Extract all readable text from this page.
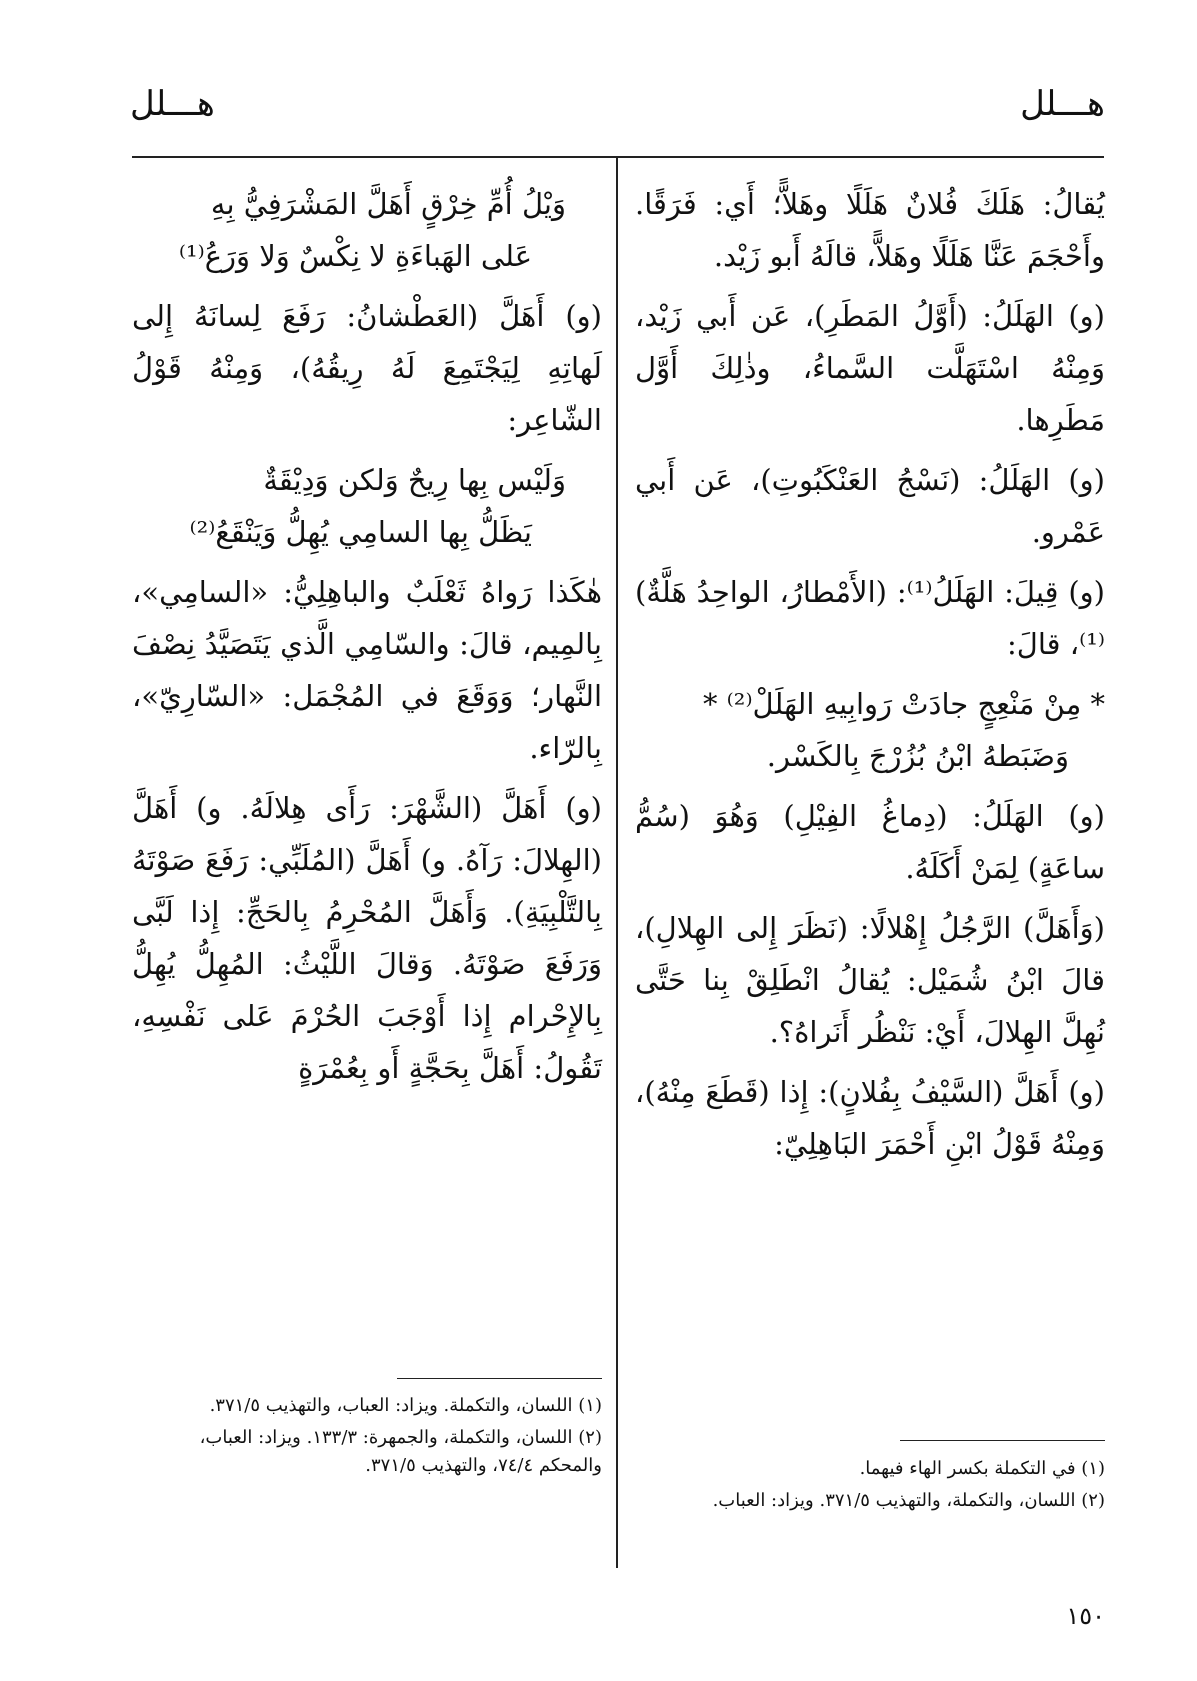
هـــلل
هـــلل

يُقالُ: هَلَكَ فُلانٌ هَلَلًا وهَلاًّ؛ أَي: فَرَقًا. وأَحْجَمَ عَنَّا هَلَلًا وهَلاًّ، قالَهُ أَبو زَيْد.

(و) الهَلَلُ: (أَوَّلُ المَطَرِ)، عَن أَبي زَيْد، وَمِنْهُ اسْتَهَلَّت السَّماءُ، وذٰلِكَ أَوَّل مَطَرِها.

(و) الهَلَلُ: (نَسْجُ العَنْكَبُوتِ)، عَن أَبي عَمْرو.

(و) قِيلَ: الهَلَلُ⁽¹⁾: (الأَمْطارُ، الواحِدُ هَلَّةٌ)⁽¹⁾، قالَ:

* مِنْ مَنْعِجٍ جادَتْ رَوابِيهِ الهَلَلْ⁽²⁾ *

وَضَبَطهُ ابْنُ بُزُرْجَ بِالكَسْر.

(و) الهَلَلُ: (دِماغُ الفِيْلِ) وَهُوَ (سُمُّ ساعَةٍ) لِمَنْ أَكَلَهُ.

(وَأَهَلَّ) الرَّجُلُ إِهْلالًا: (نَظَرَ إِلى الهِلالِ)، قالَ ابْنُ شُمَيْل: يُقالُ انْطَلِقْ بِنا حَتَّى نُهِلَّ الهِلالَ، أَيْ: نَنْظُر أَنَراهُ؟.

(و) أَهَلَّ (السَّيْفُ بِفُلانٍ): إِذا (قَطَعَ مِنْهُ)، وَمِنْهُ قَوْلُ ابْنِ أَحْمَرَ البَاهِلِيّ:

وَيْلُ أُمِّ خِرْقٍ أَهَلَّ المَشْرَفِيُّ بِهِ

عَلى الهَباءَةِ لا نِكْسٌ وَلا وَرَعُ⁽¹⁾

(و) أَهَلَّ (العَطْشانُ: رَفَعَ لِسانَهُ إِلى لَهاتِهِ لِيَجْتَمِعَ لَهُ رِيقُهُ)، وَمِنْهُ قَوْلُ الشّاعِر:

وَلَيْس بِها رِيحٌ وَلكن وَدِيْقَةٌ

يَظَلُّ بِها السامِي يُهِلُّ وَيَنْقَعُ⁽²⁾

هٰكَذا رَواهُ ثَعْلَبٌ والباهِلِيُّ: «السامِي»، بِالمِيم، قالَ: والسّامِي الَّذي يَتَصَيَّدُ نِصْفَ النَّهار؛ وَوَقَعَ في المُجْمَل: «السّارِيّ»، بِالرّاء.

(و) أَهَلَّ (الشَّهْرَ: رَأَى هِلالَهُ. و) أَهَلَّ (الهِلالَ: رَآهُ. و) أَهَلَّ (المُلَبِّي: رَفَعَ صَوْتَهُ بِالتَّلْبِيَةِ). وَأَهَلَّ المُحْرِمُ بِالحَجِّ: إِذا لَبَّى وَرَفَعَ صَوْتَهُ. وَقالَ اللَّيْثُ: المُهِلُّ يُهِلُّ بِالإِحْرام إِذا أَوْجَبَ الحُرْمَ عَلى نَفْسِهِ، تَقُولُ: أَهَلَّ بِحَجَّةٍ أَو بِعُمْرَةٍ

(١) في التكملة بكسر الهاء فيهما.

(٢) اللسان، والتكملة، والتهذيب ٣٧١/٥. ويزاد: العباب.

(١) اللسان، والتكملة. ويزاد: العباب، والتهذيب ٣٧١/٥.

(٢) اللسان، والتكملة، والجمهرة: ١٣٣/٣. ويزاد: العباب، والمحكم ٧٤/٤، والتهذيب ٣٧١/٥.

١٥٠
